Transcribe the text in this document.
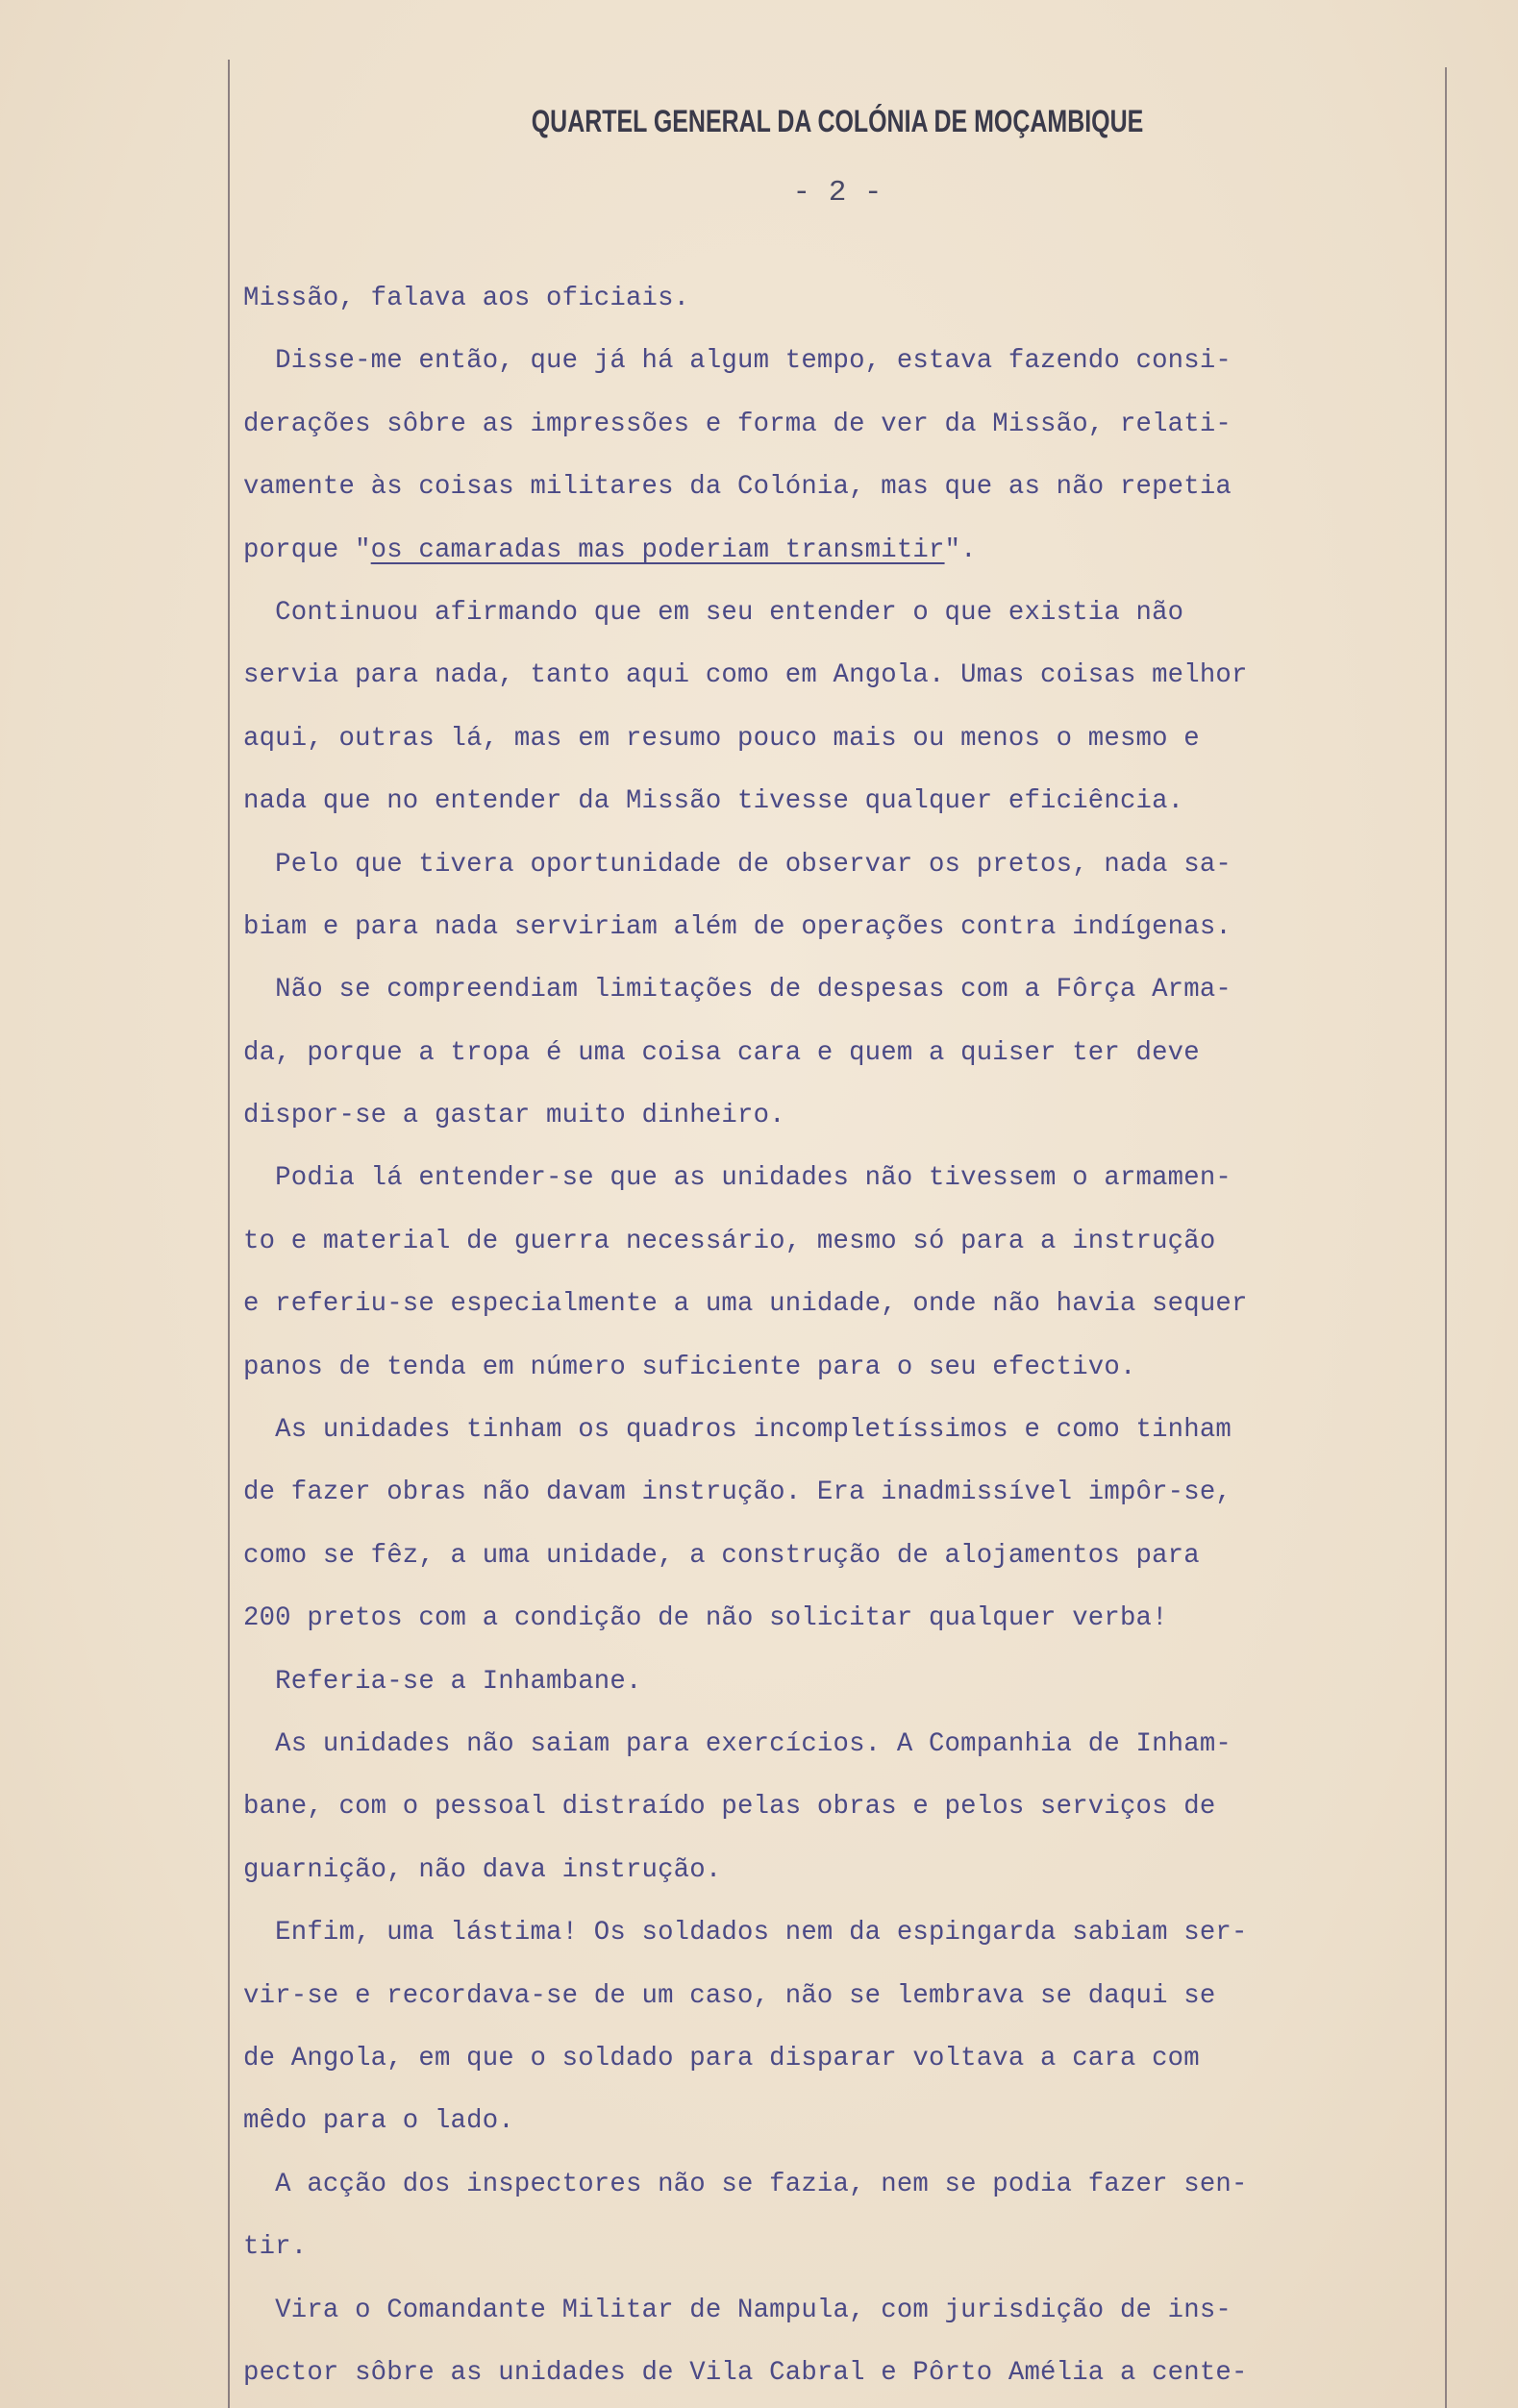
QUARTEL GENERAL DA COLÓNIA DE MOÇAMBIQUE

- 2 -

Missão, falava aos oficiais.
Disse-me então, que já há algum tempo, estava fazendo consi-
derações sôbre as impressões e forma de ver da Missão, relati-
vamente às coisas militares da Colónia, mas que as não repetia
porque "os camaradas mas poderiam transmitir".
Continuou afirmando que em seu entender o que existia não
servia para nada, tanto aqui como em Angola. Umas coisas melhor
aqui, outras lá, mas em resumo pouco mais ou menos o mesmo e
nada que no entender da Missão tivesse qualquer eficiência.
Pelo que tivera oportunidade de observar os pretos, nada sa-
biam e para nada serviriam além de operações contra indígenas.
Não se compreendiam limitações de despesas com a Fôrça Arma-
da, porque a tropa é uma coisa cara e quem a quiser ter deve
dispor-se a gastar muito dinheiro.
Podia lá entender-se que as unidades não tivessem o armamen-
to e material de guerra necessário, mesmo só para a instrução
e referiu-se especialmente a uma unidade, onde não havia sequer
panos de tenda em número suficiente para o seu efectivo.
As unidades tinham os quadros incompletíssimos e como tinham
de fazer obras não davam instrução. Era inadmissível impôr-se,
como se fêz, a uma unidade, a construção de alojamentos para
200 pretos com a condição de não solicitar qualquer verba!
Referia-se a Inhambane.
As unidades não saiam para exercícios. A Companhia de Inham-
bane, com o pessoal distraído pelas obras e pelos serviços de
guarnição, não dava instrução.
Enfim, uma lástima! Os soldados nem da espingarda sabiam ser-
vir-se e recordava-se de um caso, não se lembrava se daqui se
de Angola, em que o soldado para disparar voltava a cara com
mêdo para o lado.
A acção dos inspectores não se fazia, nem se podia fazer sen-
tir.
Vira o Comandante Militar de Nampula, com jurisdição de ins-
pector sôbre as unidades de Vila Cabral e Pôrto Amélia a cente-
